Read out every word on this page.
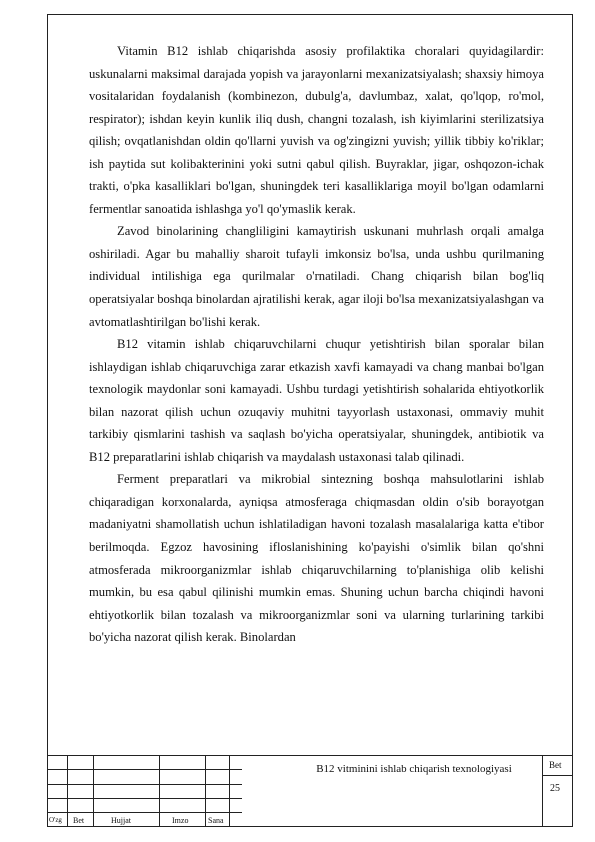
Vitamin B12 ishlab chiqarishda asosiy profilaktika choralari quyidagilardir: uskunalarni maksimal darajada yopish va jarayonlarni mexanizatsiyalash; shaxsiy himoya vositalaridan foydalanish (kombinezon, dubulg'a, davlumbaz, xalat, qo'lqop, ro'mol, respirator); ishdan keyin kunlik iliq dush, changni tozalash, ish kiyimlarini sterilizatsiya qilish; ovqatlanishdan oldin qo'llarni yuvish va og'zingizni yuvish; yillik tibbiy ko'riklar; ish paytida sut kolibakterinini yoki sutni qabul qilish. Buyraklar, jigar, oshqozon-ichak trakti, o'pka kasalliklari bo'lgan, shuningdek teri kasalliklariga moyil bo'lgan odamlarni fermentlar sanoatida ishlashga yo'l qo'ymaslik kerak.

Zavod binolarining changliligini kamaytirish uskunani muhrlash orqali amalga oshiriladi. Agar bu mahalliy sharoit tufayli imkonsiz bo'lsa, unda ushbu qurilmaning individual intilishiga ega qurilmalar o'rnatiladi. Chang chiqarish bilan bog'liq operatsiyalar boshqa binolardan ajratilishi kerak, agar iloji bo'lsa mexanizatsiyalashgan va avtomatlashtirilgan bo'lishi kerak.

B12 vitamin ishlab chiqaruvchilarni chuqur yetishtirish bilan sporalar bilan ishlaydigan ishlab chiqaruvchiga zarar etkazish xavfi kamayadi va chang manbai bo'lgan texnologik maydonlar soni kamayadi. Ushbu turdagi yetishtirish sohalarida ehtiyotkorlik bilan nazorat qilish uchun ozuqaviy muhitni tayyorlash ustaxonasi, ommaviy muhit tarkibiy qismlarini tashish va saqlash bo'yicha operatsiyalar, shuningdek, antibiotik va B12 preparatlarini ishlab chiqarish va maydalash ustaxonasi talab qilinadi.

Ferment preparatlari va mikrobial sintezning boshqa mahsulotlarini ishlab chiqaradigan korxonalarda, ayniqsa atmosferaga chiqmasdan oldin o'sib borayotgan madaniyatni shamollatish uchun ishlatiladigan havoni tozalash masalalariga katta e'tibor berilmoqda. Egzoz havosining ifloslanishining ko'payishi o'simlik bilan qo'shni atmosferada mikroorganizmlar ishlab chiqaruvchilarning to'planishiga olib kelishi mumkin, bu esa qabul qilinishi mumkin emas. Shuning uchun barcha chiqindi havoni ehtiyotkorlik bilan tozalash va mikroorganizmlar soni va ularning turlarining tarkibi bo'yicha nazorat qilish kerak. Binolardan

O'zg Bet	Hujjat	Imzo Sana
B12 vitminini ishlab chiqarish texnologiyasi	Bet
25
